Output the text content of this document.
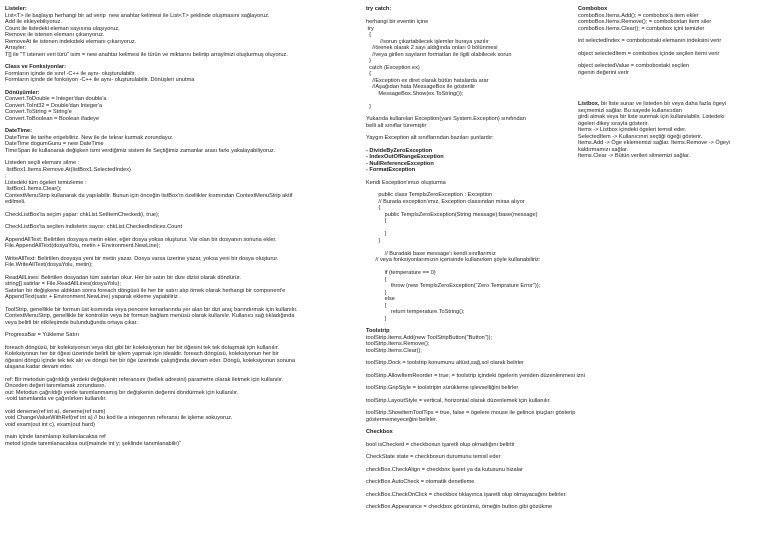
Listeler:
List<T> ile başlayıp herhangi bir ad verip  new anahtar kelimesi ile List<T> şeklinde oluşmasını sağlayoruz.
Add ile ekleyebiliyoruz.
Count ile listedeki eleman sayısına ulaşıyoruz.
Remove ile istenen elemanı çıkarıyoruz.
RemoveAt ile istenen indeksteki elemanı çıkarıyoruz.
Arrayler:
T[] ile "T istenen veri türü" isim = new anahtar kelimesi ile türün ve miktarını belirtip arraylmizi oluşturmuş oluyoruz.
Class ve Fonksiyonlar:
Formların içinde de sınıf -C++ ile aynı- oluşturulabilir.
Formların içinde de fonksiyon -C++ ile aynı- oluşturulabilir. Dönüşleri unutma
Dönüşümler:
Convert.ToDouble = Integer'dan double'a
Convert.ToInt32 = Double'dan Integer'a
Convert.ToString = String'e
Convert.ToBoolean = Boolean ifadeye
DateTime:
DateTime ile tarihe erişebiliriz. New ile de tekrar kurmak zorundayız.
DateTime dogumGunu = new DateTime
TimeSpan ile kullanarak değişken ismi verdiğimiz sistem ile Seçtiğimiz zamanlar arası farkı yakalayabiliyoruz.
Listeden seçili elemanı silme :
listBox1.Items.Remove.At(listBox1.SelectedIndex)
;
Listedeki tüm ögeleri temizleme :
listBox1.Items.Clear();
ContextMenuStrip kullanarak da yapılabilir. Bunun için önceğin listBox'ın özellikler kısmından ContextMenuStrip aktif
edilmeli.
CheckListBox'ta seçim yapar: chkList.SetItemChecked(i, true);
CheckListBox'ta seçilen indislerin sayısı: chkList.CheckedIndices.Count
AppendAllText: Belirtilen dosyaya metin ekler, eğer dosya yoksa oluşturur. Var olan bir dosyanın sonuna ekler.
File.AppendAllText(dosyaYolu, metin + Environment.NewLine);
WriteAllText: Belirtilen dosyaya yeni bir metin yazar. Dosya varsa üzerine yazar, yoksa yeni bir dosya oluşturur.
File.WriteAllText(dosyaYolu, metin);
ReadAllLines: Belirtilen dosyadan tüm satırları okur. Her bir satırı bir dize dizisi olarak döndürür.
string[] satirlar = File.ReadAllLines(dosyaYolu);
Satırları bir değişkene aldıktan sonra foreach döngüsü ile her bir satırı alıp örnek olarak herhangi bir component'e
AppendText(satır + Environment.NewLine) yaparak ekleme yapabiliriz .
ToolStrip, genellikle bir formun üst kısmında veya pencere kenarlarında yer alan bir dizi araç barındırmak için kullanılır.
ContextMenuStrip, genellikle bir kontrolün veya bir formun bağlam menüsü olarak kullanılır. Kullanıcı sağ tıkladığında
veya belirli bir etkileşimde bulunduğunda ortaya çıkar.
ProgressBar = Yükleme Satırı
foreach döngüsü, bir koleksiyonun veya dizi gibi bir koleksiyonun her bir öğesini tek tek dolaşmak için kullanılır.
Koleksiyonun her bir öğesi üzerinde belirli bir işlem yapmak için idealdir. foreach döngüsü, koleksiyonun her bir
öğesini döngü içinde tek tek alır ve döngü her bir öğe üzerinde çalıştığında devam eder. Döngü, koleksiyonun sonuna
ulaşana kadar devam eder.
ref: Bir metodun çağrıldığı yerdeki değişkenin referansını (bellek adresini) parametre olarak iletmek için kullanılır.
Önceden değeri tanımlamak zorundasın.
out: Metodun çağrıldığı yerde tanımlanmamış bir değişkenin değerini döndürmek için kullanılır.
-void tanımlanda ve çağırılırken kullanılır.
void deneme(ref int a), deneme(ref num)
void ChangeValueWithRef(ref int a) // bu kod ile a integerının referansı ile işleme sokuyoruz.
void exam(out int c), exam(out hard)
main içinde tanımlanıp kullanılacaksa ref
metod içinde tanımlanacaksa out(mainde int y; şeklinde tanımlanabilir)"
try catch:
herhangi bir eventin içine
try
{
//sorun çıkartabilecek işlemler buraya yazılır
//örenek olarak 2 sayı aldığında onları 0 bölünmesi
//veya girilen sayıların formatları ile ilgili olabilecek sorun
}
catch (Exception ex)
{
//Exception ex diret olarak bütün hatalarda arar
//Aşağıdan hata MessageBox ile gösterilir
MessageBox.Show(ex.ToString());
}
Yukarıda kullanılan Exception(yani System.Exception) sınıfından
belli alt sınıflar türemiştir
Yaygın Exception alt sınıflarından bazıları şunlardır:
- DivideByZeroException
- IndexOutOfRangeException
- NullReferenceException
- FormatException
Kendi Exception'ımızı oluşturma
public class TempIsZeroException : Exception
// Burada exception'ımız, Exception classından miras alıyor
{
public TempIsZeroException(String message):base(message)
{
}
}
// Buradaki base message'ı kendi sınıflarımız
// veya fonksiyonlarımızın içerisinde kullanırken şöyle kullanabiliriz:
if (temperature == 0)
{
throw (new TempIsZeroException("Zero Temprature Error"));
}
else
{
return temperature.ToString();
}
Toolstrip
toolStrip.Items.Add(new ToolStripButton("Button"));
toolStrip.Items.Remove();
toolStrip.Items.Clear();
toolStrip.Dock = toolstrip konumunu altüst,sağ,sol olarak belirler
toolStrip.AllowItemReorder = true; = toolstrip içindeki ögelerin yeniden düzenlenmesi izni
toolStrip.GripStyle = toolstripin sürükleme işlevselliğini belirler
toolStrip.LayoutStyle = vertical, horizontal olarak düzenlemek için kullanılır.
toolStrip.ShowItemToolTips = true, false = ögelere mouse ile gelince ipuçları gösterip
göstermemeyeceğini belirler.
Checkbox
bool isChecked = checkboxun işaretli olup olmadığını belirtir
CheckState state = checkboxun durumunu temsil eder
checkBox.CheckAlign = checkbox işaret ya da kutusunu hizalar
checkBox.AutoCheck = otomatik denetleme
checkBox.CheckOnClick = checkbox tıklayınca işaretli olup olmayacağını belirler.
checkBox.Appearance = checkbox görünümü, örneğin button gibi gözükme
Combobox
comboBox.Items.Add(); = combobox'a item ekler
comboBox.Items.Remove(); = comboboxtan item siler
comboBox.Items.Clear(); = combobox içini temizler
int selectedIndex = comboboxtaki elemanın indeksini verir
object selectedItem = combobox içinde seçilen itemi verir
object selectedValue = comboboxtaki seçilen
ögenin değerini verir
Listbox, bir liste sunar ve listeden bir veya daha fazla ögeyi
seçmemizi sağlar. Bu sayede kullanıcıdan
girdi almak veya bir liste sunmak için kullanılabilir. Listedeki
ögeleri dikey sırayla gösterir.
Items -> Listbox içindeki ögeleri temsil eder.
SelectedItem -> Kullanıcının seçtiği ögeği gösterir.
Items.Add -> Öge eklememizi sağlar. Items.Remove -> Ögeyi
kaldırmamızı sağlar.
Items.Clear -> Bütün verileri silmemizi sağlar.
